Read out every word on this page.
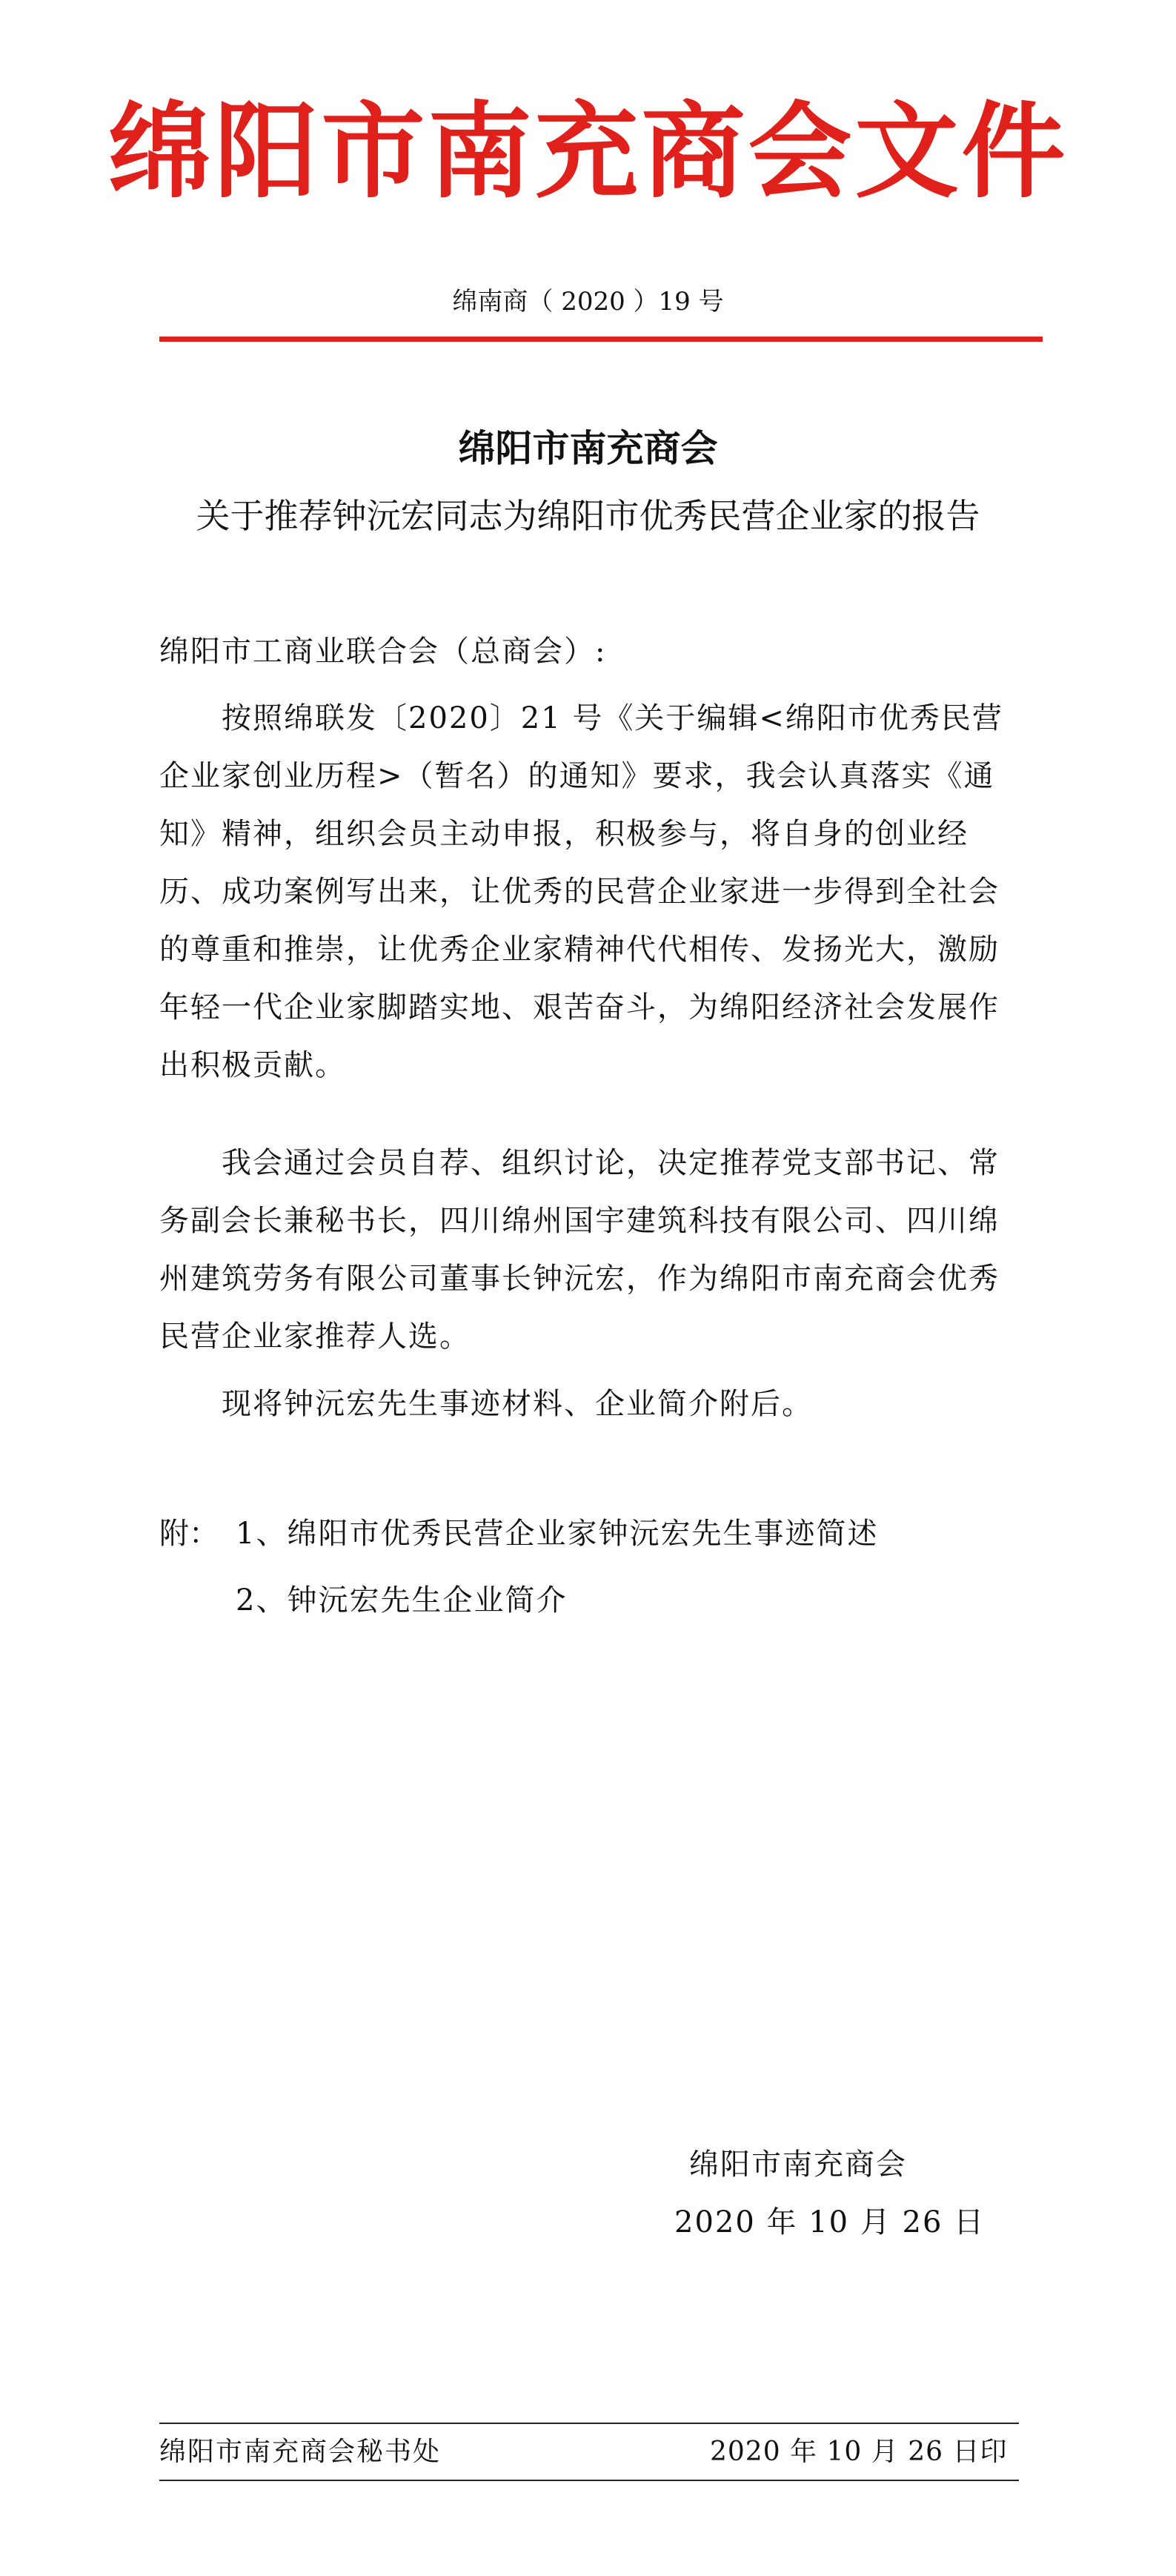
绵阳市南充商会文件
绵南商（ 2020 ）19 号
绵阳市南充商会
关于推荐钟沅宏同志为绵阳市优秀民营企业家的报告
绵阳市工商业联合会（总商会）:
按照绵联发〔2020〕21 号《关于编辑<绵阳市优秀民营企业家创业历程>（暂名）的通知》要求，我会认真落实《通知》精神，组织会员主动申报，积极参与，将自身的创业经历、成功案例写出来，让优秀的民营企业家进一步得到全社会的尊重和推崇，让优秀企业家精神代代相传、发扬光大，激励年轻一代企业家脚踏实地、艰苦奋斗，为绵阳经济社会发展作出积极贡献。
我会通过会员自荐、组织讨论，决定推荐党支部书记、常务副会长兼秘书长，四川绵州国宇建筑科技有限公司、四川绵州建筑劳务有限公司董事长钟沅宏，作为绵阳市南充商会优秀民营企业家推荐人选。
现将钟沅宏先生事迹材料、企业简介附后。
附： 1、绵阳市优秀民营企业家钟沅宏先生事迹简述
2、钟沅宏先生企业简介
绵阳市南充商会
2020 年 10 月 26 日
绵阳市南充商会秘书处	2020 年 10 月 26 日印
